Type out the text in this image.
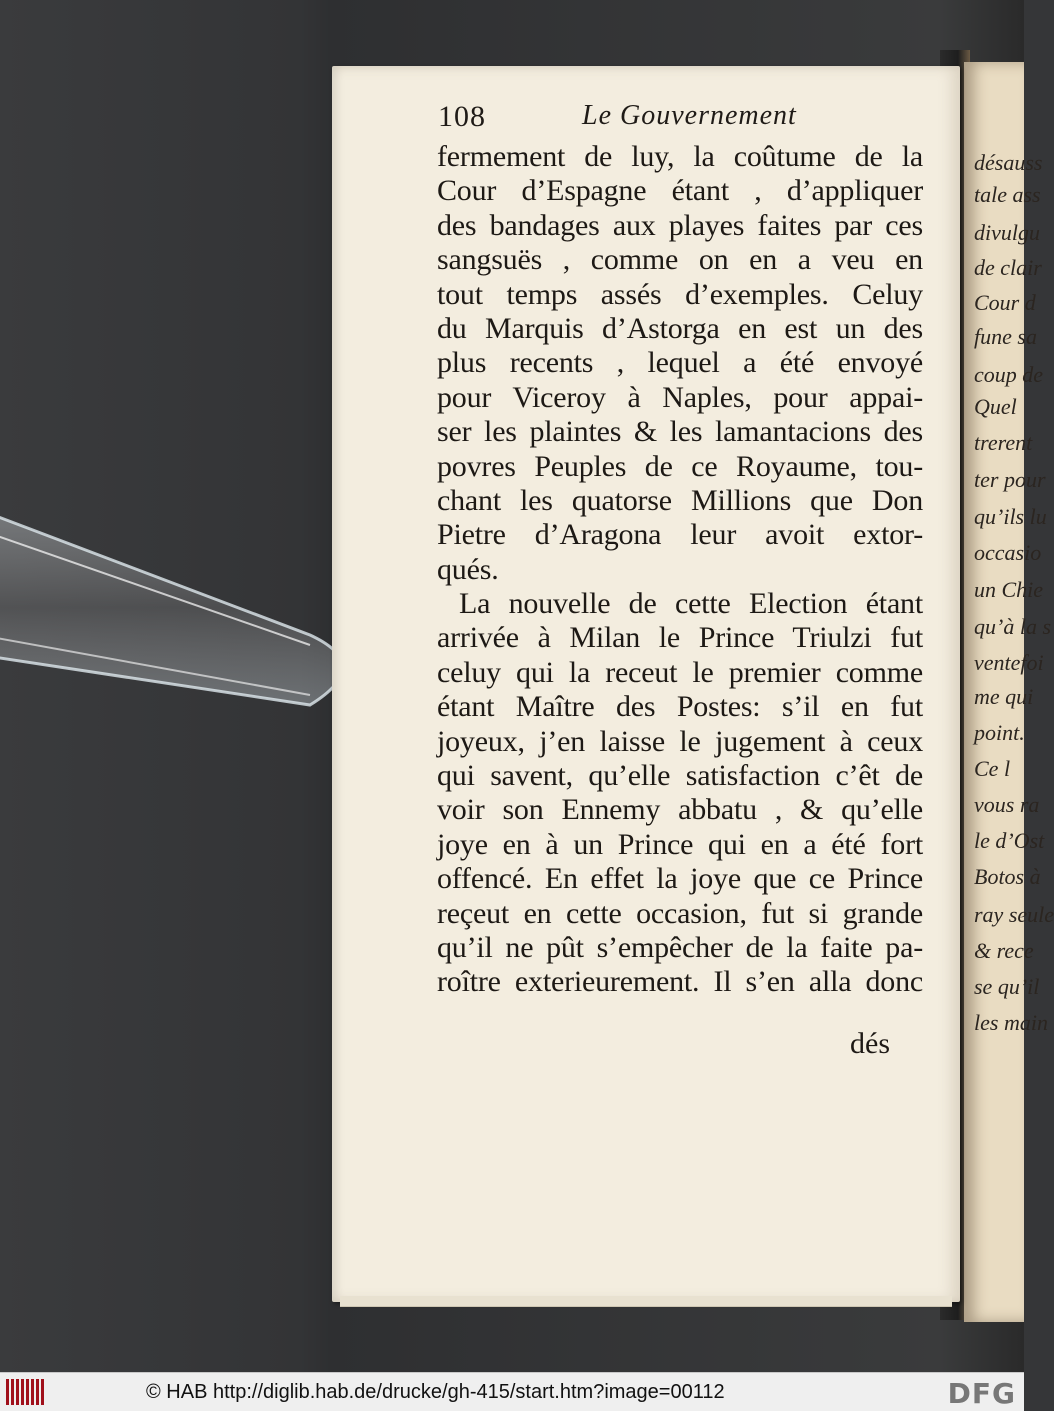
désauss
tale ass
divulgu
de clair
Cour d
fune sa
coup de
Quel
trerent
ter pour
qu’ils lu
occasio
un Chie
qu’à la s
ventefoi
me qui
point.
Ce l
vous ra
le d’Ost
Botos à
ray seule
& rece
se qu’il
les main
108	Le Gouvernement
fermement de luy, la coûtume de la
Cour d’Espagne étant , d’appliquer
des bandages aux playes faites par ces
sangsuës , comme on en a veu en
tout temps assés d’exemples. Celuy
du Marquis d’Astorga en est un des
plus recents , lequel a été envoyé
pour Viceroy à Naples, pour appai-
ser les plaintes & les lamantacions des
povres Peuples de ce Royaume, tou-
chant les quatorse Millions que Don
Pietre d’Aragona leur avoit extor-
qués.
La nouvelle de cette Election étant
arrivée à Milan le Prince Triulzi fut
celuy qui la receut le premier comme
étant Maître des Postes: s’il en fut
joyeux, j’en laisse le jugement à ceux
qui savent, qu’elle satisfaction c’êt de
voir son Ennemy abbatu , & qu’elle
joye en à un Prince qui en a été fort
offencé. En effet la joye que ce Prince
reçeut en cette occasion, fut si grande
qu’il ne pût s’empêcher de la faite pa-
roître exterieurement. Il s’en alla donc
dés
© HAB http://diglib.hab.de/drucke/gh-415/start.htm?image=00112	DFG
